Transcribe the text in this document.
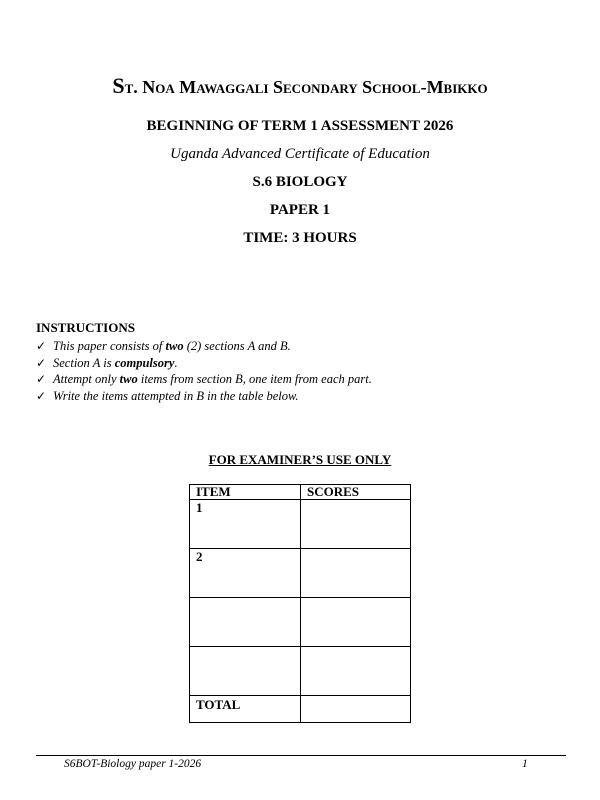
St. Noa Mawaggali Secondary School-Mbikko
BEGINNING OF TERM 1 ASSESSMENT 2026
Uganda Advanced Certificate of Education
S.6 BIOLOGY
PAPER 1
TIME: 3 HOURS
INSTRUCTIONS
✓ This paper consists of two (2) sections A and B.
✓ Section A is compulsory.
✓ Attempt only two items from section B, one item from each part.
✓ Write the items attempted in B in the table below.
FOR EXAMINER’S USE ONLY
ITEM	SCORES
1	
2	

TOTAL	
S6BOT-Biology paper 1-2026	1
